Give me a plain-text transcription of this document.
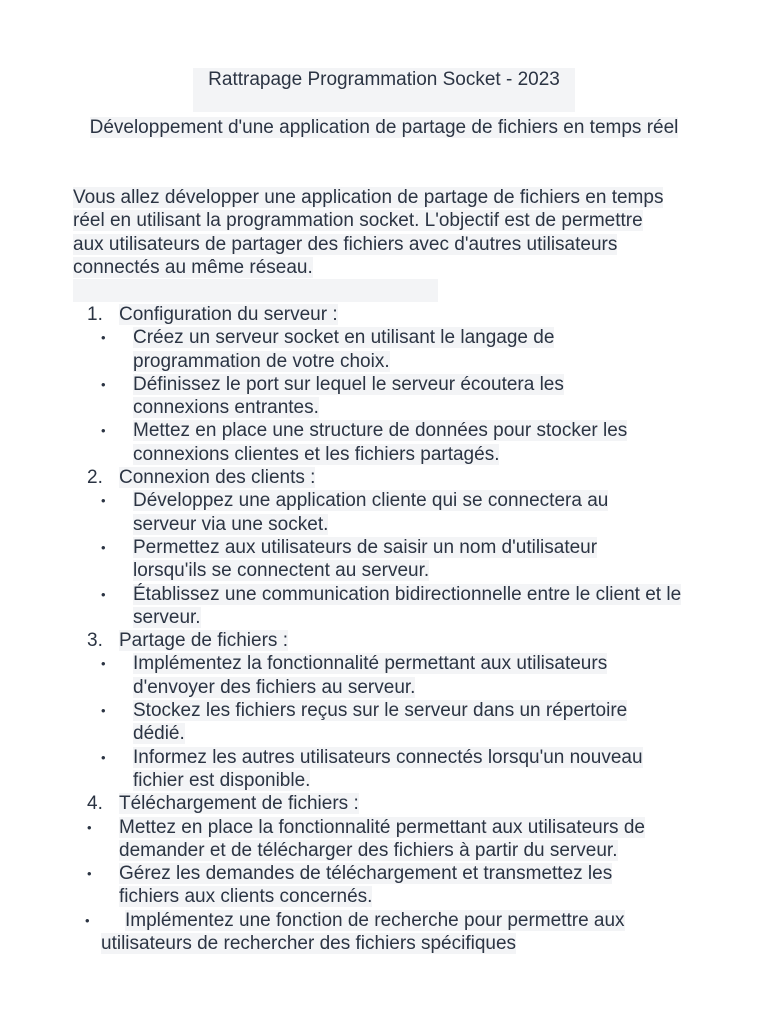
Rattrapage Programmation Socket - 2023
Développement d'une application de partage de fichiers en temps réel
Vous allez développer une application de partage de fichiers en temps réel en utilisant la programmation socket. L'objectif est de permettre aux utilisateurs de partager des fichiers avec d'autres utilisateurs connectés au même réseau.
1. Configuration du serveur :
• Créez un serveur socket en utilisant le langage de programmation de votre choix.
• Définissez le port sur lequel le serveur écoutera les connexions entrantes.
• Mettez en place une structure de données pour stocker les connexions clientes et les fichiers partagés.
2. Connexion des clients :
• Développez une application cliente qui se connectera au serveur via une socket.
• Permettez aux utilisateurs de saisir un nom d'utilisateur lorsqu'ils se connectent au serveur.
• Établissez une communication bidirectionnelle entre le client et le serveur.
3. Partage de fichiers :
• Implémentez la fonctionnalité permettant aux utilisateurs d'envoyer des fichiers au serveur.
• Stockez les fichiers reçus sur le serveur dans un répertoire dédié.
• Informez les autres utilisateurs connectés lorsqu'un nouveau fichier est disponible.
4. Téléchargement de fichiers :
• Mettez en place la fonctionnalité permettant aux utilisateurs de demander et de télécharger des fichiers à partir du serveur.
• Gérez les demandes de téléchargement et transmettez les fichiers aux clients concernés.
•	Implémentez une fonction de recherche pour permettre aux utilisateurs de rechercher des fichiers spécifiques
